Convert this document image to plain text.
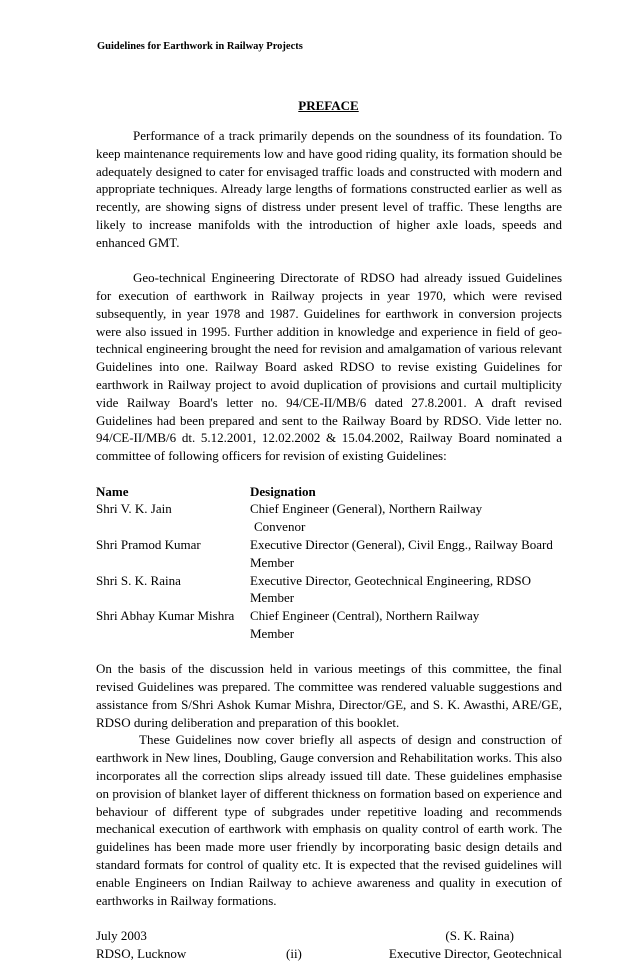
Guidelines for Earthwork in Railway Projects
PREFACE

Performance of a track primarily depends on the soundness of its foundation. To keep maintenance requirements low and have good riding quality, its formation should be adequately designed to cater for envisaged traffic loads and constructed with modern and appropriate techniques. Already large lengths of formations constructed earlier as well as recently, are showing signs of distress under present level of traffic. These lengths are likely to increase manifolds with the introduction of higher axle loads, speeds and enhanced GMT.

Geo-technical Engineering Directorate of RDSO had already issued Guidelines for execution of earthwork in Railway projects in year 1970, which were revised subsequently, in year 1978 and 1987. Guidelines for earthwork in conversion projects were also issued in 1995. Further addition in knowledge and experience in field of geo-technical engineering brought the need for revision and amalgamation of various relevant Guidelines into one. Railway Board asked RDSO to revise existing Guidelines for earthwork in Railway project to avoid duplication of provisions and curtail multiplicity vide Railway Board's letter no. 94/CE-II/MB/6 dated 27.8.2001. A draft revised Guidelines had been prepared and sent to the Railway Board by RDSO. Vide letter no. 94/CE-II/MB/6 dt. 5.12.2001, 12.02.2002 & 15.04.2002, Railway Board nominated a committee of following officers for revision of existing Guidelines:

Name	Designation
Shri V. K. Jain	Chief Engineer (General), Northern Railway
Convenor
Shri Pramod Kumar	Executive Director (General), Civil Engg., Railway Board
Member
Shri S. K. Raina	Executive Director, Geotechnical Engineering, RDSO
Member
Shri Abhay Kumar Mishra	Chief Engineer (Central), Northern Railway
Member

On the basis of the discussion held in various meetings of this committee, the final revised Guidelines was prepared. The committee was rendered valuable suggestions and assistance from S/Shri Ashok Kumar Mishra, Director/GE, and S. K. Awasthi, ARE/GE, RDSO during deliberation and preparation of this booklet.

These Guidelines now cover briefly all aspects of design and construction of earthwork in New lines, Doubling, Gauge conversion and Rehabilitation works. This also incorporates all the correction slips already issued till date. These guidelines emphasise on provision of blanket layer of different thickness on formation based on experience and behaviour of different type of subgrades under repetitive loading and recommends mechanical execution of earthwork with emphasis on quality control of earth work. The guidelines has been made more user friendly by incorporating basic design details and standard formats for control of quality etc. It is expected that the revised guidelines will enable Engineers on Indian Railway to achieve awareness and quality in execution of earthworks in Railway formations.

July 2003	(S. K. Raina)
RDSO, Lucknow	(ii)	Executive Director, Geotechnical
